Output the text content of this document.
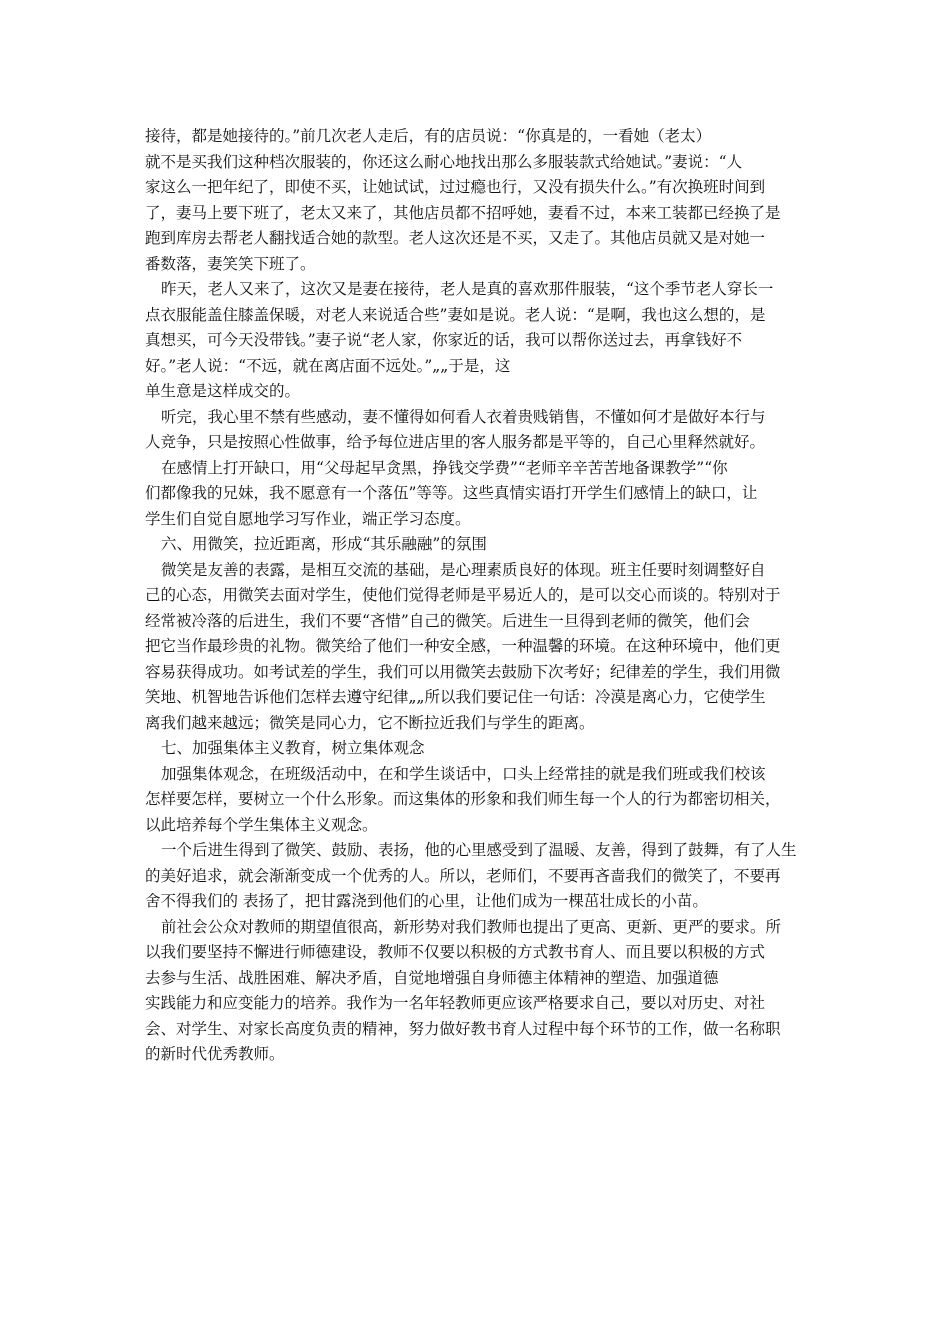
接待，都是她接待的。”前几次老人走后，有的店员说：“你真是的，一看她（老太）
就不是买我们这种档次服装的，你还这么耐心地找出那么多服装款式给她试。”妻说：“人
家这么一把年纪了，即使不买，让她试试，过过瘾也行，又没有损失什么。”有次换班时间到
了，妻马上要下班了，老太又来了，其他店员都不招呼她，妻看不过，本来工装都已经换了是
跑到库房去帮老人翻找适合她的款型。老人这次还是不买，又走了。其他店员就又是对她一
番数落，妻笑笑下班了。
昨天，老人又来了，这次又是妻在接待，老人是真的喜欢那件服装，“这个季节老人穿长一
点衣服能盖住膝盖保暖，对老人来说适合些”妻如是说。老人说：“是啊，我也这么想的，是
真想买，可今天没带钱。”妻子说“老人家，你家近的话，我可以帮你送过去，再拿钱好不
好。”老人说：“不远，就在离店面不远处。”„„于是，这
单生意是这样成交的。
听完，我心里不禁有些感动，妻不懂得如何看人衣着贵贱销售，不懂如何才是做好本行与
人竞争，只是按照心性做事，给予每位进店里的客人服务都是平等的，自己心里释然就好。
在感情上打开缺口，用“父母起早贪黑，挣钱交学费”“老师辛辛苦苦地备课教学”“你
们都像我的兄妹，我不愿意有一个落伍”等等。这些真情实语打开学生们感情上的缺口，让
学生们自觉自愿地学习写作业，端正学习态度。
六、用微笑，拉近距离，形成“其乐融融”的氛围
微笑是友善的表露，是相互交流的基础，是心理素质良好的体现。班主任要时刻调整好自
己的心态，用微笑去面对学生，使他们觉得老师是平易近人的，是可以交心而谈的。特别对于
经常被冷落的后进生，我们不要“吝惜”自己的微笑。后进生一旦得到老师的微笑，他们会
把它当作最珍贵的礼物。微笑给了他们一种安全感，一种温馨的环境。在这种环境中，他们更
容易获得成功。如考试差的学生，我们可以用微笑去鼓励下次考好；纪律差的学生，我们用微
笑地、机智地告诉他们怎样去遵守纪律„„所以我们要记住一句话：冷漠是离心力，它使学生
离我们越来越远；微笑是同心力，它不断拉近我们与学生的距离。
七、加强集体主义教育，树立集体观念
加强集体观念，在班级活动中，在和学生谈话中，口头上经常挂的就是我们班或我们校该
怎样要怎样，要树立一个什么形象。而这集体的形象和我们师生每一个人的行为都密切相关，
以此培养每个学生集体主义观念。
一个后进生得到了微笑、鼓励、表扬，他的心里感受到了温暖、友善，得到了鼓舞，有了人生
的美好追求，就会渐渐变成一个优秀的人。所以，老师们，不要再吝啬我们的微笑了，不要再
舍不得我们的 表扬了，把甘露浇到他们的心里，让他们成为一棵茁壮成长的小苗。
前社会公众对教师的期望值很高，新形势对我们教师也提出了更高、更新、更严的要求。所
以我们要坚持不懈进行师德建设，教师不仅要以积极的方式教书育人、而且要以积极的方式
去参与生活、战胜困难、解决矛盾，自觉地增强自身师德主体精神的塑造、加强道德
实践能力和应变能力的培养。我作为一名年轻教师更应该严格要求自己，要以对历史、对社
会、对学生、对家长高度负责的精神，努力做好教书育人过程中每个环节的工作，做一名称职
的新时代优秀教师。
